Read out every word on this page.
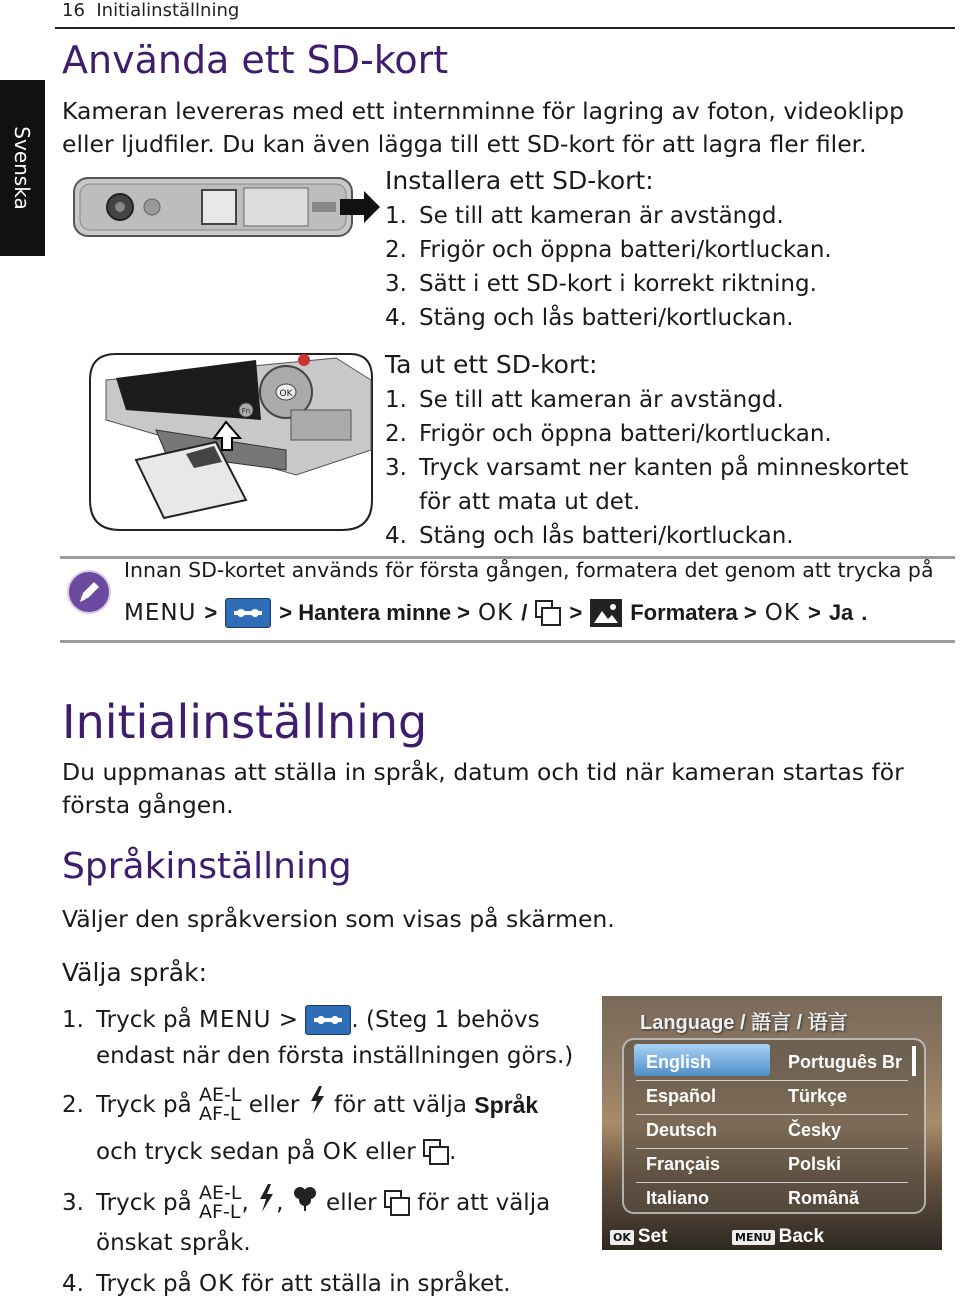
16 Initialinställning
Svenska
Använda ett SD-kort
Kameran levereras med ett internminne för lagring av foton, videoklipp eller ljudfiler. Du kan även lägga till ett SD-kort för att lagra fler filer.
Installera ett SD-kort:
1. Se till att kameran är avstängd.
2. Frigör och öppna batteri/kortluckan.
3. Sätt i ett SD-kort i korrekt riktning.
4. Stäng och lås batteri/kortluckan.
OK
Fn
Ta ut ett SD-kort:
1. Se till att kameran är avstängd.
2. Frigör och öppna batteri/kortluckan.
3. Tryck varsamt ner kanten på minneskortet för att mata ut det.
4. Stäng och lås batteri/kortluckan.
Innan SD-kortet används för första gången, formatera det genom att trycka på
MENU >	> Hantera minne > OK / > Formatera > OK > Ja .
Initialinställning
Du uppmanas att ställa in språk, datum och tid när kameran startas för första gången.
Språkinställning
Väljer den språkversion som visas på skärmen.
Välja språk:
1. Tryck på
MENU
>
. (Steg 1 behövs
endast när den första inställningen görs.)
2. Tryck på
AE-L
AF-L
eller

för att välja
Språk
och tryck sedan på
OK
eller
.
3. Tryck på
AE-L
AF-L ,
,

eller

för att välja
önskat språk.
4. Tryck på
OK
för att ställa in språket.
Language / 語言 / 语言
English	Português Br
Español	Türkçe
Deutsch	Česky
Français	Polski
Italiano	Română
OK Set	MENU Back
